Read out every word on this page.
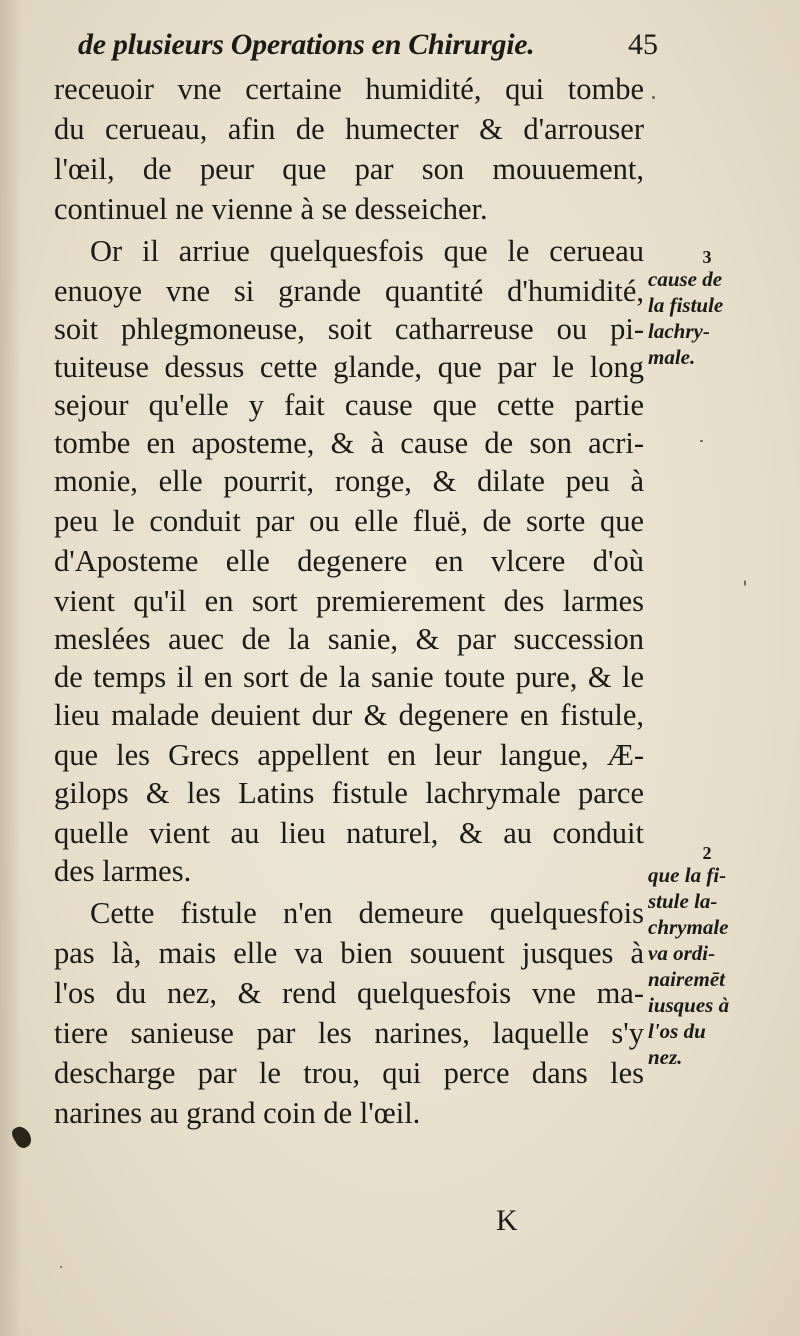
de plusieurs Operations en Chirurgie.	45
receuoir vne certaine humidité, qui tombe
du cerueau, afin de humecter & d'arrouser
l'œil, de peur que par son mouuement,
continuel ne vienne à se desseicher.
Or il arriue quelquesfois que le cerueau
enuoye vne si grande quantité d'humidité,
soit phlegmoneuse, soit catharreuse ou pi-
tuiteuse dessus cette glande, que par le long
sejour qu'elle y fait cause que cette partie
tombe en aposteme, & à cause de son acri-
monie, elle pourrit, ronge, & dilate peu à
peu le conduit par ou elle fluë, de sorte que
d'Aposteme elle degenere en vlcere d'où
vient qu'il en sort premierement des larmes
meslées auec de la sanie, & par succession
de temps il en sort de la sanie toute pure, & le
lieu malade deuient dur & degenere en fistule,
que les Grecs appellent en leur langue, Æ-
gilops & les Latins fistule lachrymale parce
quelle vient au lieu naturel, & au conduit
des larmes.
Cette fistule n'en demeure quelquesfois
pas là, mais elle va bien souuent jusques à
l'os du nez, & rend quelquesfois vne ma-
tiere sanieuse par les narines, laquelle s'y
descharge par le trou, qui perce dans les
narines au grand coin de l'œil.
3
cause de
la fistule
lachry-
male.
2
que la fi-
stule la-
chrymale
va ordi-
nairemēt
iusques à
l'os du
nez.
K
